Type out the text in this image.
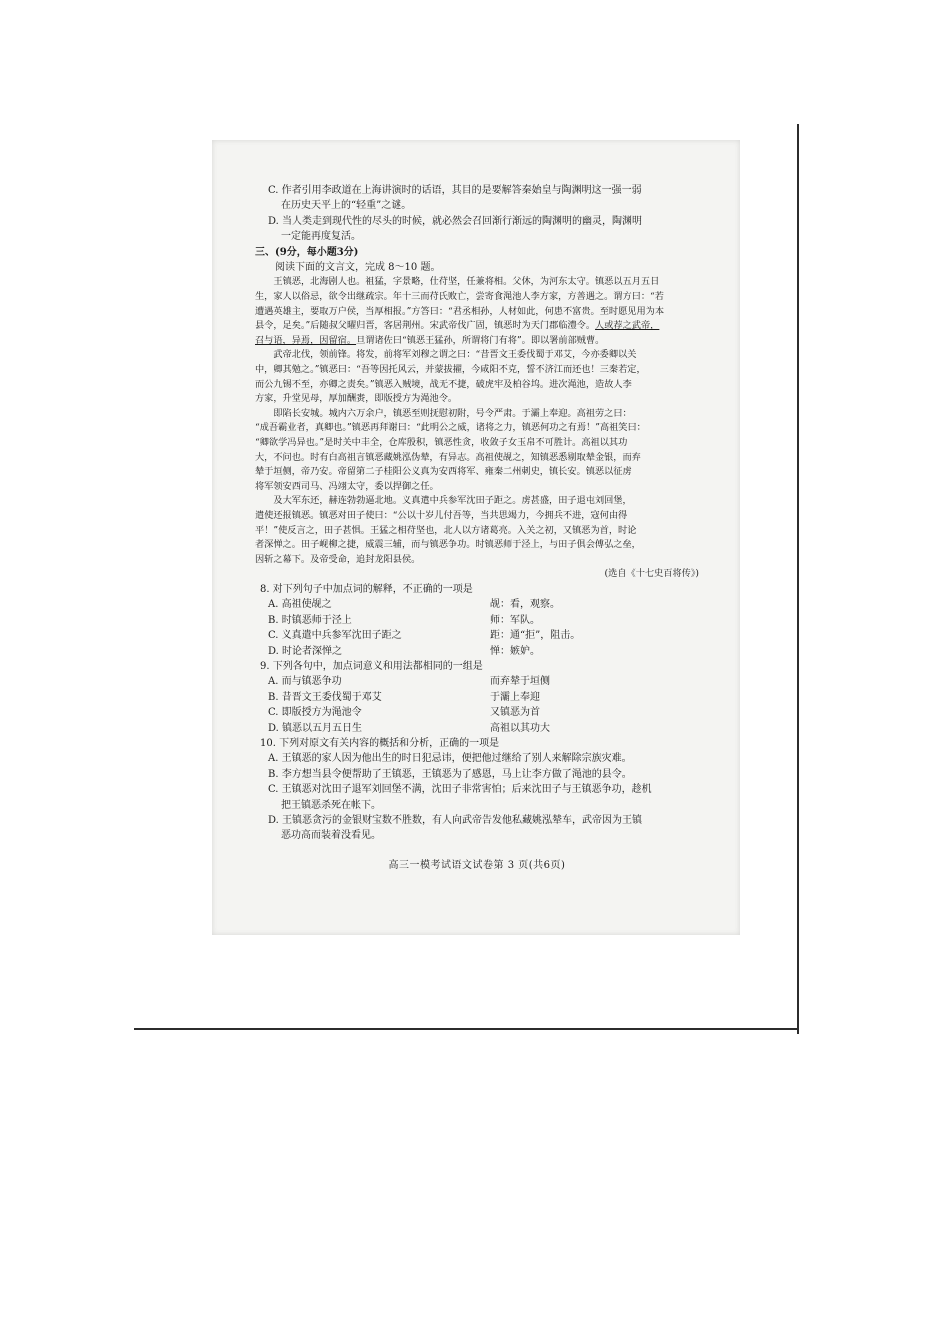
C. 作者引用李政道在上海讲演时的话语，其目的是要解答秦始皇与陶渊明这一强一弱

在历史天平上的“轻重”之谜。

D. 当人类走到现代性的尽头的时候，就必然会召回渐行渐远的陶渊明的幽灵，陶渊明

一定能再度复活。

三、(9分，每小题3分)

阅读下面的文言文，完成 8～10 题。

王镇恶，北海剧人也。祖猛，字景略，仕苻坚，任兼将相。父休，为河东太守。镇恶以五月五日

生，家人以俗忌，欲令出继疏宗。年十三而苻氏败亡，尝寄食渑池人李方家，方善遇之。谓方曰：“若

遭遇英雄主，要取万户侯，当厚相报。”方答曰：“君丞相孙，人材如此，何患不富贵。至时愿见用为本

县令，足矣。”后随叔父曜归晋，客居荆州。宋武帝伐广固，镇恶时为天门郡临澧令。人或荐之武帝，

召与语，异焉，因留宿。旦谓诸佐曰“镇恶王猛孙，所谓将门有将”。即以署前部贼曹。

武帝北伐，领前锋。将发，前将军刘穆之谓之曰：“昔晋文王委伐蜀于邓艾，今亦委卿以关

中，卿其勉之。”镇恶曰：“吾等因托风云，并蒙拔擢，今咸阳不克，誓不济江而还也！三秦若定，

而公九锡不至，亦卿之责矣。”镇恶入贼境，战无不捷，破虎牢及柏谷坞。进次渑池，造故人李

方家，升堂见母，厚加酬赉，即版授方为渑池令。

即陷长安城。城内六万余户，镇恶至则抚慰初附，号令严肃。于灞上奉迎。高祖劳之曰：

“成吾霸业者，真卿也。”镇恶再拜谢曰：“此明公之威，诸将之力，镇恶何功之有焉！”高祖笑曰：

“卿欲学冯异也。”是时关中丰全，仓库殷积，镇恶性贪，收敛子女玉帛不可胜计。高祖以其功

大，不问也。时有白高祖言镇恶藏姚泓伪辇，有异志。高祖使觇之，知镇恶悉剔取辇金银，而弃

辇于垣侧，帝乃安。帝留第二子桂阳公义真为安西将军、雍秦二州刺史，镇长安。镇恶以征虏

将军领安西司马、冯翊太守，委以捍御之任。

及大军东还，赫连勃勃逼北地。义真遣中兵参军沈田子距之。虏甚盛，田子退屯刘回堡，

遣使还报镇恶。镇恶对田子使曰：“公以十岁儿付吾等，当共思竭力，今拥兵不进，寇何由得

平！”使反言之，田子甚惧。王猛之相苻坚也，北人以方诸葛亮。入关之初，又镇恶为首，时论

者深惮之。田子岘柳之捷，威震三辅，而与镇恶争功。时镇恶师于泾上，与田子俱会傅弘之垒，

因斩之幕下。及帝受命，追封龙阳县侯。

(选自《十七史百将传》)

8. 对下列句子中加点词的解释，不正确的一项是

A. 高祖使觇之	觇：看，观察。
B. 时镇恶师于泾上	师：军队。
C. 义真遣中兵参军沈田子距之	距：通“拒”，阻击。
D. 时论者深惮之	惮：嫉妒。

9. 下列各句中，加点词意义和用法都相同的一组是

A. 而与镇恶争功	而弃辇于垣侧
B. 昔晋文王委伐蜀于邓艾	于灞上奉迎
C. 即版授方为渑池令	又镇恶为首
D. 镇恶以五月五日生	高祖以其功大

10. 下列对原文有关内容的概括和分析，正确的一项是

A. 王镇恶的家人因为他出生的时日犯忌讳，便把他过继给了别人来解除宗族灾难。

B. 李方想当县令便帮助了王镇恶，王镇恶为了感恩，马上让李方做了渑池的县令。

C. 王镇恶对沈田子退军刘回堡不满，沈田子非常害怕；后来沈田子与王镇恶争功，趁机

把王镇恶杀死在帐下。

D. 王镇恶贪污的金银财宝数不胜数，有人向武帝告发他私藏姚泓辇车，武帝因为王镇

恶功高而装着没看见。

高三一模考试语文试卷第 3 页(共6页)
